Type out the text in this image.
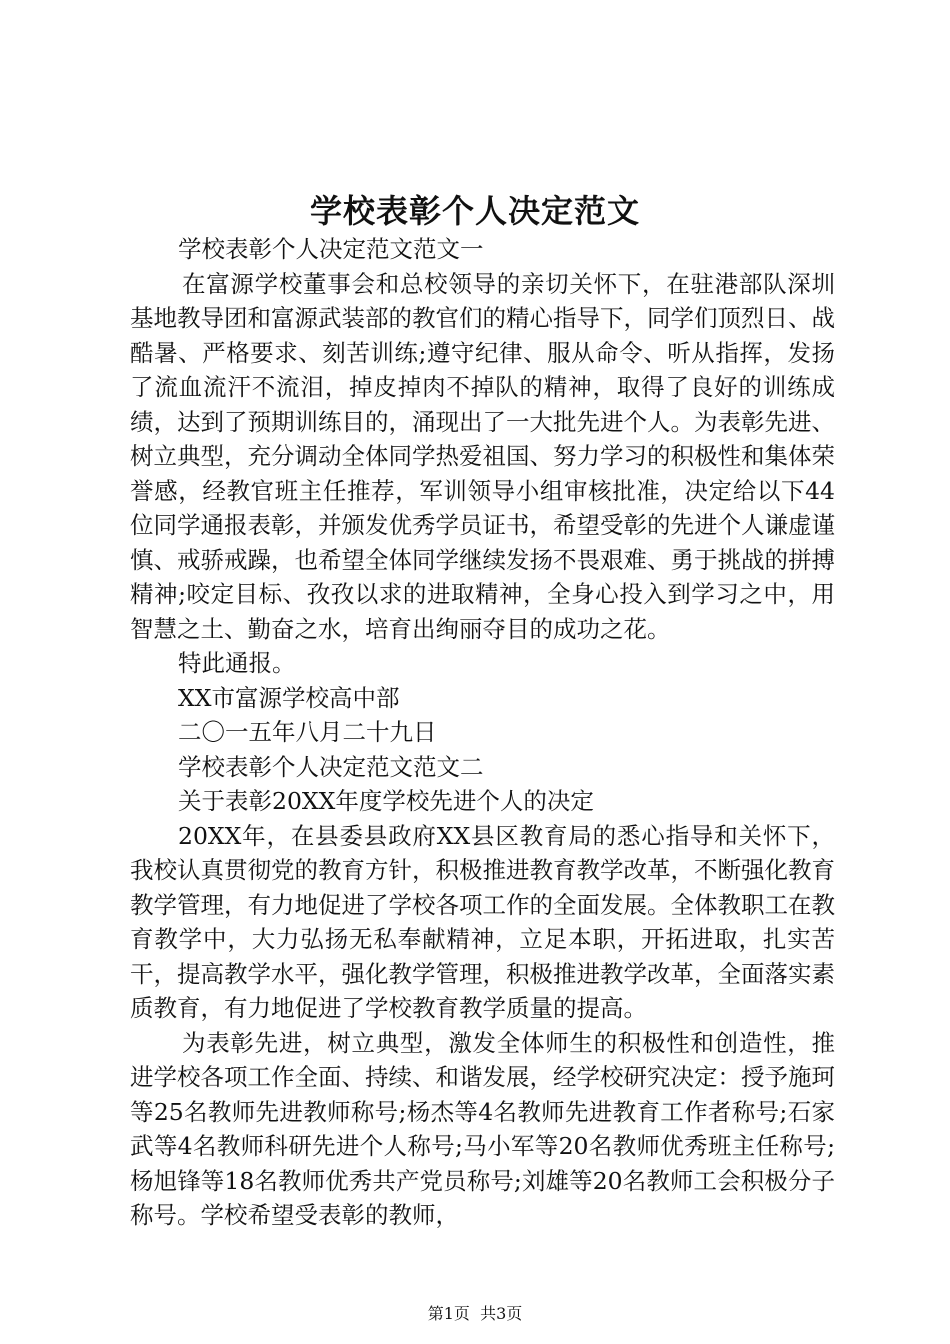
学校表彰个人决定范文

学校表彰个人决定范文范文一

在富源学校董事会和总校领导的亲切关怀下，在驻港部队深圳基地教导团和富源武装部的教官们的精心指导下，同学们顶烈日、战酷暑、严格要求、刻苦训练;遵守纪律、服从命令、听从指挥，发扬了流血流汗不流泪，掉皮掉肉不掉队的精神，取得了良好的训练成绩，达到了预期训练目的，涌现出了一大批先进个人。为表彰先进、树立典型，充分调动全体同学热爱祖国、努力学习的积极性和集体荣誉感，经教官班主任推荐，军训领导小组审核批准，决定给以下44位同学通报表彰，并颁发优秀学员证书，希望受彰的先进个人谦虚谨慎、戒骄戒躁，也希望全体同学继续发扬不畏艰难、勇于挑战的拼搏精神;咬定目标、孜孜以求的进取精神，全身心投入到学习之中，用智慧之土、勤奋之水，培育出绚丽夺目的成功之花。

特此通报。

XX市富源学校高中部

二〇一五年八月二十九日

学校表彰个人决定范文范文二

关于表彰20XX年度学校先进个人的决定

20XX年，在县委县政府XX县区教育局的悉心指导和关怀下，我校认真贯彻党的教育方针，积极推进教育教学改革，不断强化教育教学管理，有力地促进了学校各项工作的全面发展。全体教职工在教育教学中，大力弘扬无私奉献精神，立足本职，开拓进取，扎实苦干，提高教学水平，强化教学管理，积极推进教学改革，全面落实素质教育，有力地促进了学校教育教学质量的提高。

为表彰先进，树立典型，激发全体师生的积极性和创造性，推进学校各项工作全面、持续、和谐发展，经学校研究决定：授予施珂等25名教师先进教师称号;杨杰等4名教师先进教育工作者称号;石家武等4名教师科研先进个人称号;马小军等20名教师优秀班主任称号;杨旭锋等18名教师优秀共产党员称号;刘雄等20名教师工会积极分子称号。学校希望受表彰的教师，

第1页 共3页
